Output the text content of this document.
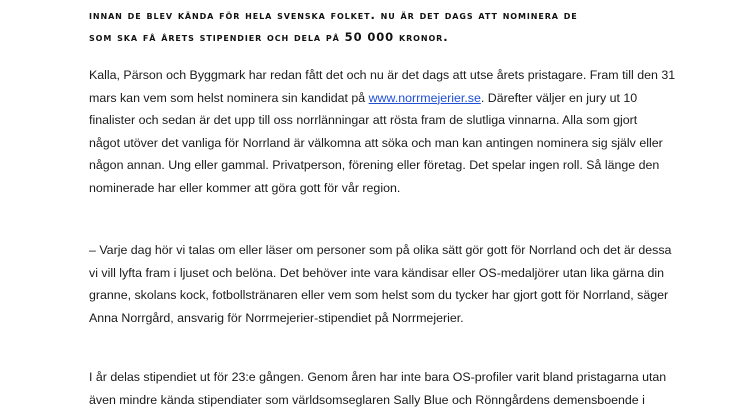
innan de blev kända för hela svenska folket. nu är det dags att nominera de
som ska få årets stipendier och dela på 50 000 kronor.
Kalla, Pärson och Byggmark har redan fått det och nu är det dags att utse årets pristagare. Fram till den 31
mars kan vem som helst nominera sin kandidat på www.norrmejerier.se. Därefter väljer en jury ut 10
finalister och sedan är det upp till oss norrlänningar att rösta fram de slutliga vinnarna. Alla som gjort
något utöver det vanliga för Norrland är välkomna att söka och man kan antingen nominera sig själv eller
någon annan. Ung eller gammal. Privatperson, förening eller företag. Det spelar ingen roll. Så länge den
nominerade har eller kommer att göra gott för vår region.
– Varje dag hör vi talas om eller läser om personer som på olika sätt gör gott för Norrland och det är dessa
vi vill lyfta fram i ljuset och belöna. Det behöver inte vara kändisar eller OS-medaljörer utan lika gärna din
granne, skolans kock, fotbollstränaren eller vem som helst som du tycker har gjort gott för Norrland, säger
Anna Norrgård, ansvarig för Norrmejerier-stipendiet på Norrmejerier.
I år delas stipendiet ut för 23:e gången. Genom åren har inte bara OS-profiler varit bland pristagarna utan
även mindre kända stipendiater som världsomseglaren Sally Blue och Rönngårdens demensboende i
